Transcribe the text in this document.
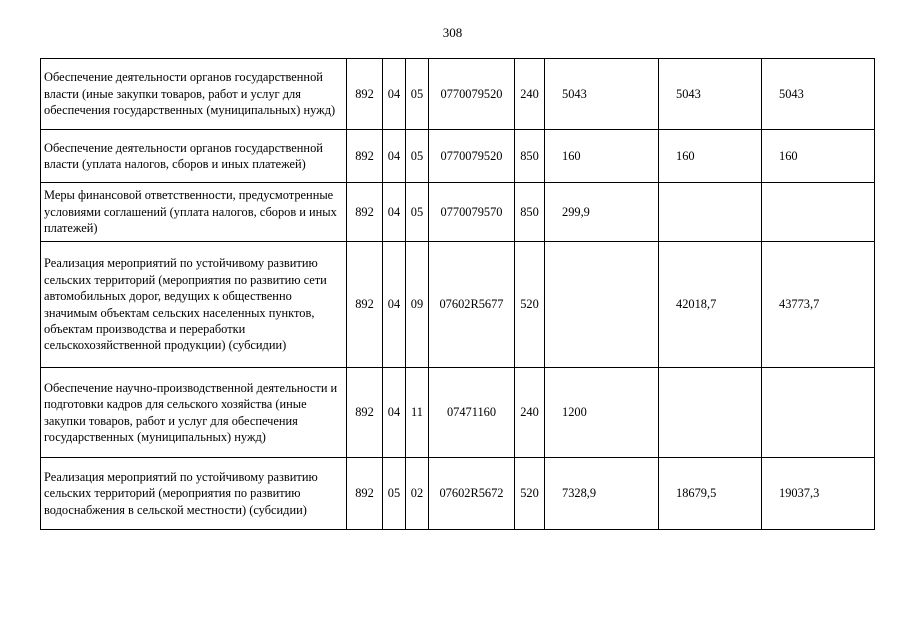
308
Обеспечение деятельности органов государственной власти (иные закупки товаров, работ и услуг для обеспечения государственных (муниципальных) нужд)	892	04	05	0770079520	240	5043	5043	5043
Обеспечение деятельности органов государственной власти (уплата налогов, сборов и иных платежей)	892	04	05	0770079520	850	160	160	160
Меры финансовой ответственности, предусмотренные условиями соглашений (уплата налогов, сборов и иных платежей)	892	04	05	0770079570	850	299,9		
Реализация мероприятий по устойчивому развитию сельских территорий (мероприятия по развитию сети автомобильных дорог, ведущих к общественно значимым объектам сельских населенных пунктов, объектам производства и переработки сельскохозяйственной продукции) (субсидии)	892	04	09	07602R5677	520		42018,7	43773,7
Обеспечение научно-производственной деятельности и подготовки кадров для сельского хозяйства (иные закупки товаров, работ и услуг для обеспечения государственных (муниципальных) нужд)	892	04	11	07471160	240	1200		
Реализация мероприятий по устойчивому развитию сельских территорий (мероприятия по развитию водоснабжения в сельской местности) (субсидии)	892	05	02	07602R5672	520	7328,9	18679,5	19037,3
